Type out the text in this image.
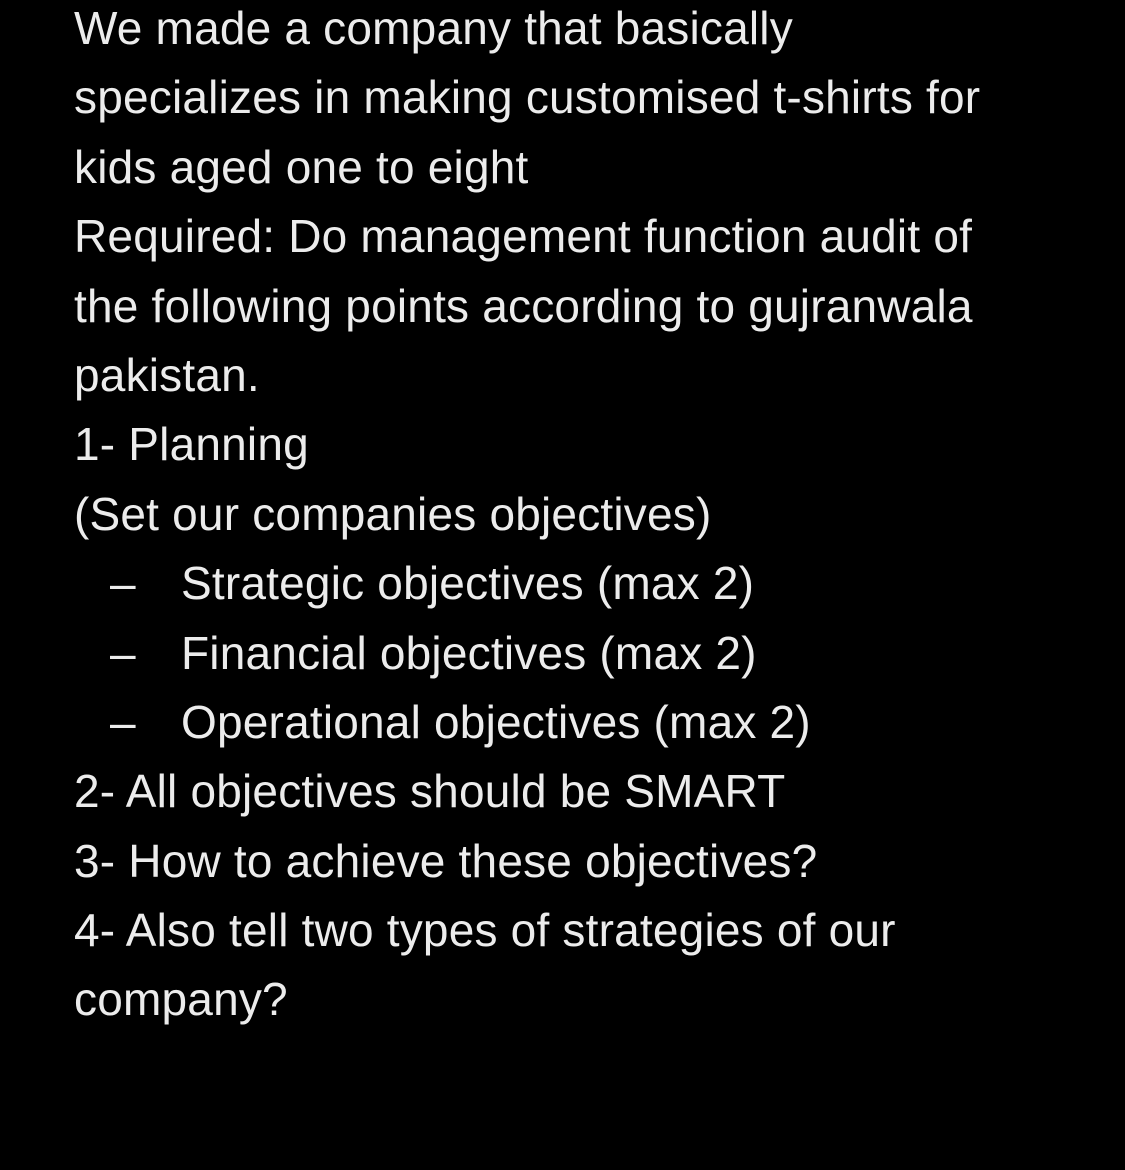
We made a company that basically
specializes in making customised t-shirts for
kids aged one to eight
Required: Do management function audit of
the following points according to gujranwala
pakistan.
1- Planning
(Set our companies objectives)
– Strategic objectives (max 2)
– Financial objectives (max 2)
– Operational objectives (max 2)
2- All objectives should be SMART
3- How to achieve these objectives?
4- Also tell two types of strategies of our
company?
